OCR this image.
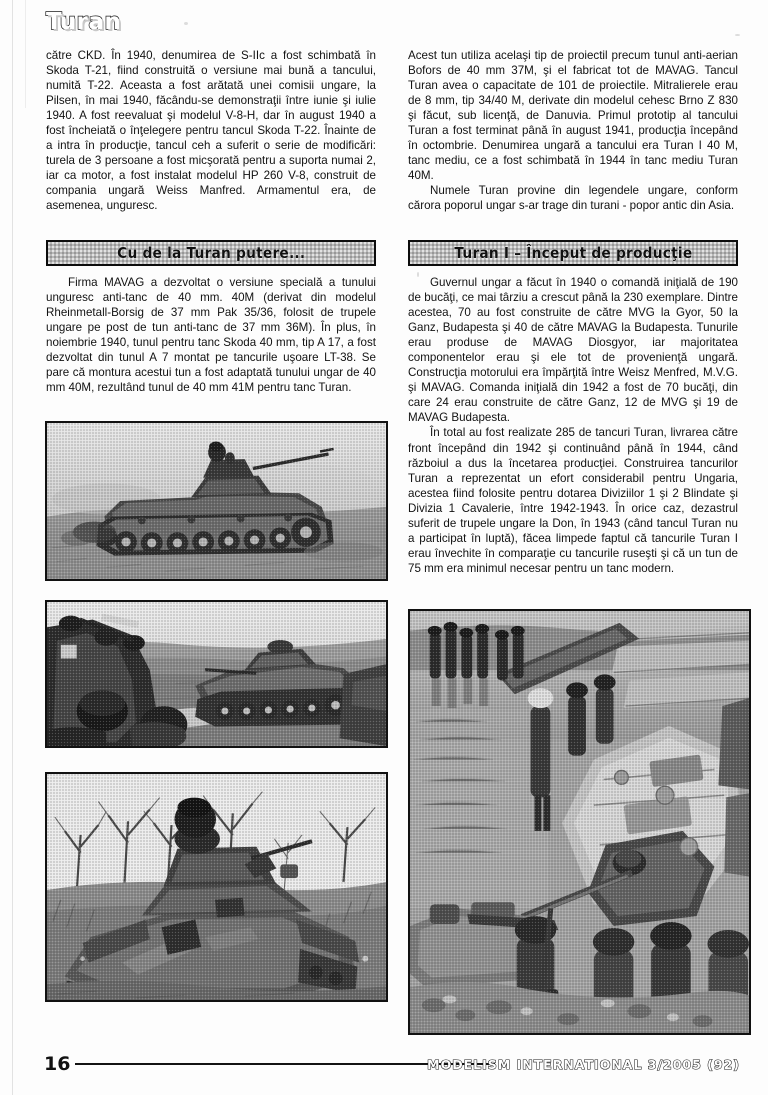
Turan

către CKD. În 1940, denumirea de S-IIc a fost schimbată în Skoda T-21, fiind construită o versiune mai bună a tancului, numită T-22. Aceasta a fost arătată unei comisii ungare, la Pilsen, în mai 1940, făcându-se demonstraţii între iunie şi iulie 1940. A fost reevaluat şi modelul V-8-H, dar în august 1940 a fost încheiată o înţelegere pentru tancul Skoda T-22. Înainte de a intra în producţie, tancul ceh a suferit o serie de modificări: turela de 3 persoane a fost micşorată pentru a suporta numai 2, iar ca motor, a fost instalat modelul HP 260 V-8, construit de compania ungară Weiss Manfred. Armamentul era, de asemenea, unguresc.

Cu de la Turan putere...

Firma MAVAG a dezvoltat o versiune specială a tunului unguresc anti-tanc de 40 mm. 40M (derivat din modelul Rheinmetall-Borsig de 37 mm Pak 35/36, folosit de trupele ungare pe post de tun anti-tanc de 37 mm 36M). În plus, în noiembrie 1940, tunul pentru tanc Skoda 40 mm, tip A 17, a fost dezvoltat din tunul A 7 montat pe tancurile uşoare LT-38. Se pare că montura acestui tun a fost adaptată tunului ungar de 40 mm 40M, rezultând tunul de 40 mm 41M pentru tanc Turan.

Acest tun utiliza acelaşi tip de proiectil precum tunul anti-aerian Bofors de 40 mm 37M, şi el fabricat tot de MAVAG. Tancul Turan avea o capacitate de 101 de proiectile. Mitralierele erau de 8 mm, tip 34/40 M, derivate din modelul cehesc Brno Z 830 şi făcut, sub licenţă, de Danuvia. Primul prototip al tancului Turan a fost terminat până în august 1941, producţia începând în octombrie. Denumirea ungară a tancului era Turan I 40 M, tanc mediu, ce a fost schimbată în 1944 în tanc mediu Turan 40M.

Numele Turan provine din legendele ungare, conform cărora poporul ungar s-ar trage din turani - popor antic din Asia.

Turan I – Început de producţie

Guvernul ungar a făcut în 1940 o comandă iniţială de 190 de bucăţi, ce mai târziu a crescut până la 230 exemplare. Dintre acestea, 70 au fost construite de către MVG la Gyor, 50 la Ganz, Budapesta şi 40 de către MAVAG la Budapesta. Tunurile erau produse de MAVAG Diosgyor, iar majoritatea componentelor erau şi ele tot de provenienţă ungară. Construcţia motorului era împărţită între Weisz Menfred, M.V.G. şi MAVAG. Comanda iniţială din 1942 a fost de 70 bucăţi, din care 24 erau construite de către Ganz, 12 de MVG şi 19 de MAVAG Budapesta.

În total au fost realizate 285 de tancuri Turan, livrarea către front începând din 1942 şi continuând până în 1944, când războiul a dus la încetarea producţiei. Construirea tancurilor Turan a reprezentat un efort considerabil pentru Ungaria, acestea fiind folosite pentru dotarea Diviziilor 1 şi 2 Blindate şi Divizia 1 Cavalerie, între 1942-1943. În orice caz, dezastrul suferit de trupele ungare la Don, în 1943 (când tancul Turan nu a participat în luptă), făcea limpede faptul că tancurile Turan I erau învechite în comparaţie cu tancurile ruseşti şi că un tun de 75 mm era minimul necesar pentru un tanc modern.

16	MODELISM INTERNATIONAL 3/2005 (92)
